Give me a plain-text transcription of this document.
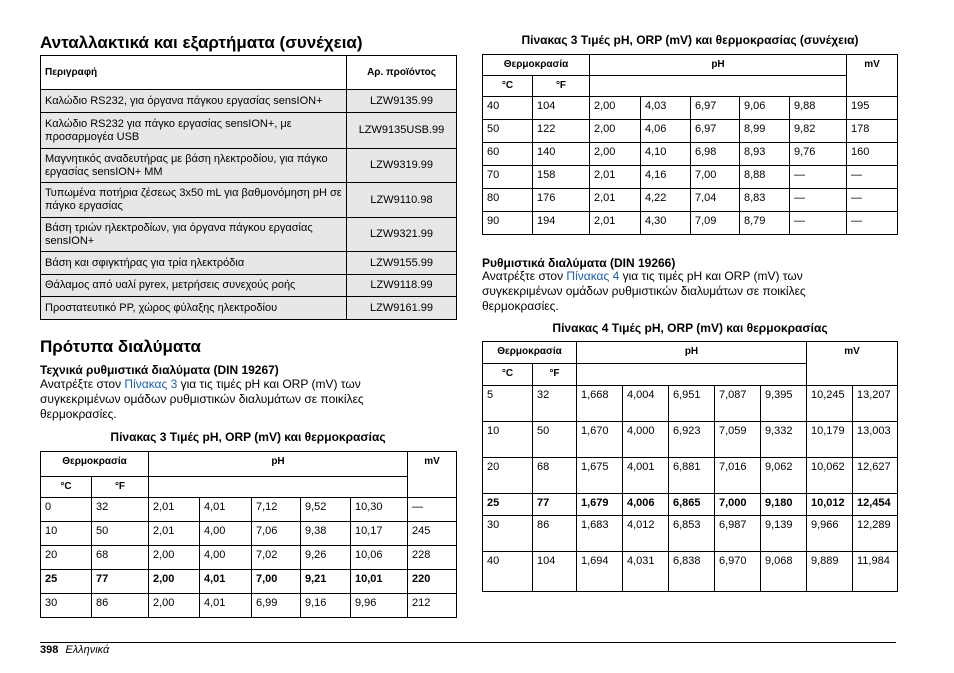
Ανταλλακτικά και εξαρτήματα (συνέχεια)
Περιγραφή	Αρ. προϊόντος
Καλώδιο RS232, για όργανα πάγκου εργασίας sensION+	LZW9135.99
Καλώδιο RS232 για πάγκο εργασίας sensION+, με προσαρμογέα USB	LZW9135USB.99
Μαγνητικός αναδευτήρας με βάση ηλεκτροδίου, για πάγκο εργασίας sensION+ MM	LZW9319.99
Τυπωμένα ποτήρια ζέσεως 3x50 mL για βαθμονόμηση pH σε πάγκο εργασίας	LZW9110.98
Βάση τριών ηλεκτροδίων, για όργανα πάγκου εργασίας sensION+	LZW9321.99
Βάση και σφιγκτήρας για τρία ηλεκτρόδια	LZW9155.99
Θάλαμος από υαλί pyrex, μετρήσεις συνεχούς ροής	LZW9118.99
Προστατευτικό PP, χώρος φύλαξης ηλεκτροδίου	LZW9161.99
Πρότυπα διαλύματα
Τεχνικά ρυθμιστικά διαλύματα (DIN 19267)
Ανατρέξτε στον Πίνακας 3 για τις τιμές pH και ORP (mV) των συγκεκριμένων ομάδων ρυθμιστικών διαλυμάτων σε ποικίλες θερμοκρασίες.
Πίνακας 3 Τιμές pH, ORP (mV) και θερμοκρασίας
Θερμοκρασία		pH					mV
°C	°F						
0	32	2,01	4,01	7,12	9,52	10,30	—
10	50	2,01	4,00	7,06	9,38	10,17	245
20	68	2,00	4,00	7,02	9,26	10,06	228
25	77	2,00	4,01	7,00	9,21	10,01	220
30	86	2,00	4,01	6,99	9,16	9,96	212
Πίνακας 3 Τιμές pH, ORP (mV) και θερμοκρασίας (συνέχεια)
Θερμοκρασία		pH					mV
°C	°F						
40	104	2,00	4,03	6,97	9,06	9,88	195
50	122	2,00	4,06	6,97	8,99	9,82	178
60	140	2,00	4,10	6,98	8,93	9,76	160
70	158	2,01	4,16	7,00	8,88	—	—
80	176	2,01	4,22	7,04	8,83	—	—
90	194	2,01	4,30	7,09	8,79	—	—
Ρυθμιστικά διαλύματα (DIN 19266)
Ανατρέξτε στον Πίνακας 4 για τις τιμές pH και ORP (mV) των συγκεκριμένων ομάδων ρυθμιστικών διαλυμάτων σε ποικίλες θερμοκρασίες.
Πίνακας 4 Τιμές pH, ORP (mV) και θερμοκρασίας
Θερμοκρασία		pH					mV	
°C	°F							
5	32	1,668	4,004	6,951	7,087	9,395	10,245	13,207
10	50	1,670	4,000	6,923	7,059	9,332	10,179	13,003
20	68	1,675	4,001	6,881	7,016	9,062	10,062	12,627
25	77	1,679	4,006	6,865	7,000	9,180	10,012	12,454
30	86	1,683	4,012	6,853	6,987	9,139	9,966	12,289
40	104	1,694	4,031	6,838	6,970	9,068	9,889	11,984
398 Ελληνικά
